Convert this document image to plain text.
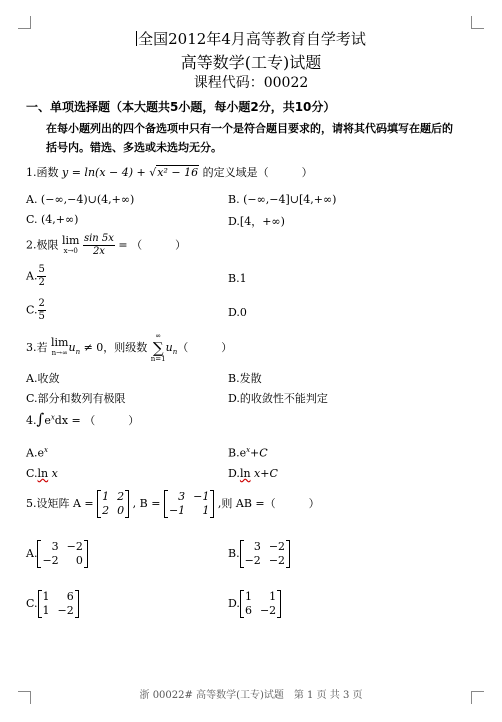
全国2012年4月高等教育自学考试
高等数学(工专)试题
课程代码：00022
一、单项选择题（本大题共5小题，每小题2分，共10分）
在每小题列出的四个备选项中只有一个是符合题目要求的，请将其代码填写在题后的
括号内。错选、多选或未选均无分。
1.函数 y = ln(x − 4) + √x² − 16 的定义域是（　　　）
A. (−∞,−4)∪(4,+∞)	B. (−∞,−4]∪[4,+∞)
C. (4,+∞)	D.[4，+∞)
2.极限 lim
x→0
$\frac{\sin 5x}{2x}$ = （　　　）
A. $\frac{5}{2}$	B.1
C. $\frac{2}{5}$	D.0
3.若 lim
n→∞ $u_n \ne 0$，则级数
∞
∑
n=1
$u_n$（　　　）
A.收敛	B.发散
C.部分和数列有极限	D.的收敛性不能判定
$4.\int e^xdx$ = （　　　）
$A.e^x$	$B.e^x+C$
C.ln x	D.ln x+C
5.设矩阵 A =
1 2
2 0
, B =
3 −1
−1	1
,则 AB =（　　　）
A.
3 −2
−2	0
B.
3 −2
−2 −2
C.
1	6
1 −2
D.
1	1
6 −2
浙 00022# 高等数学(工专)试题　第 1 页 共 3 页
